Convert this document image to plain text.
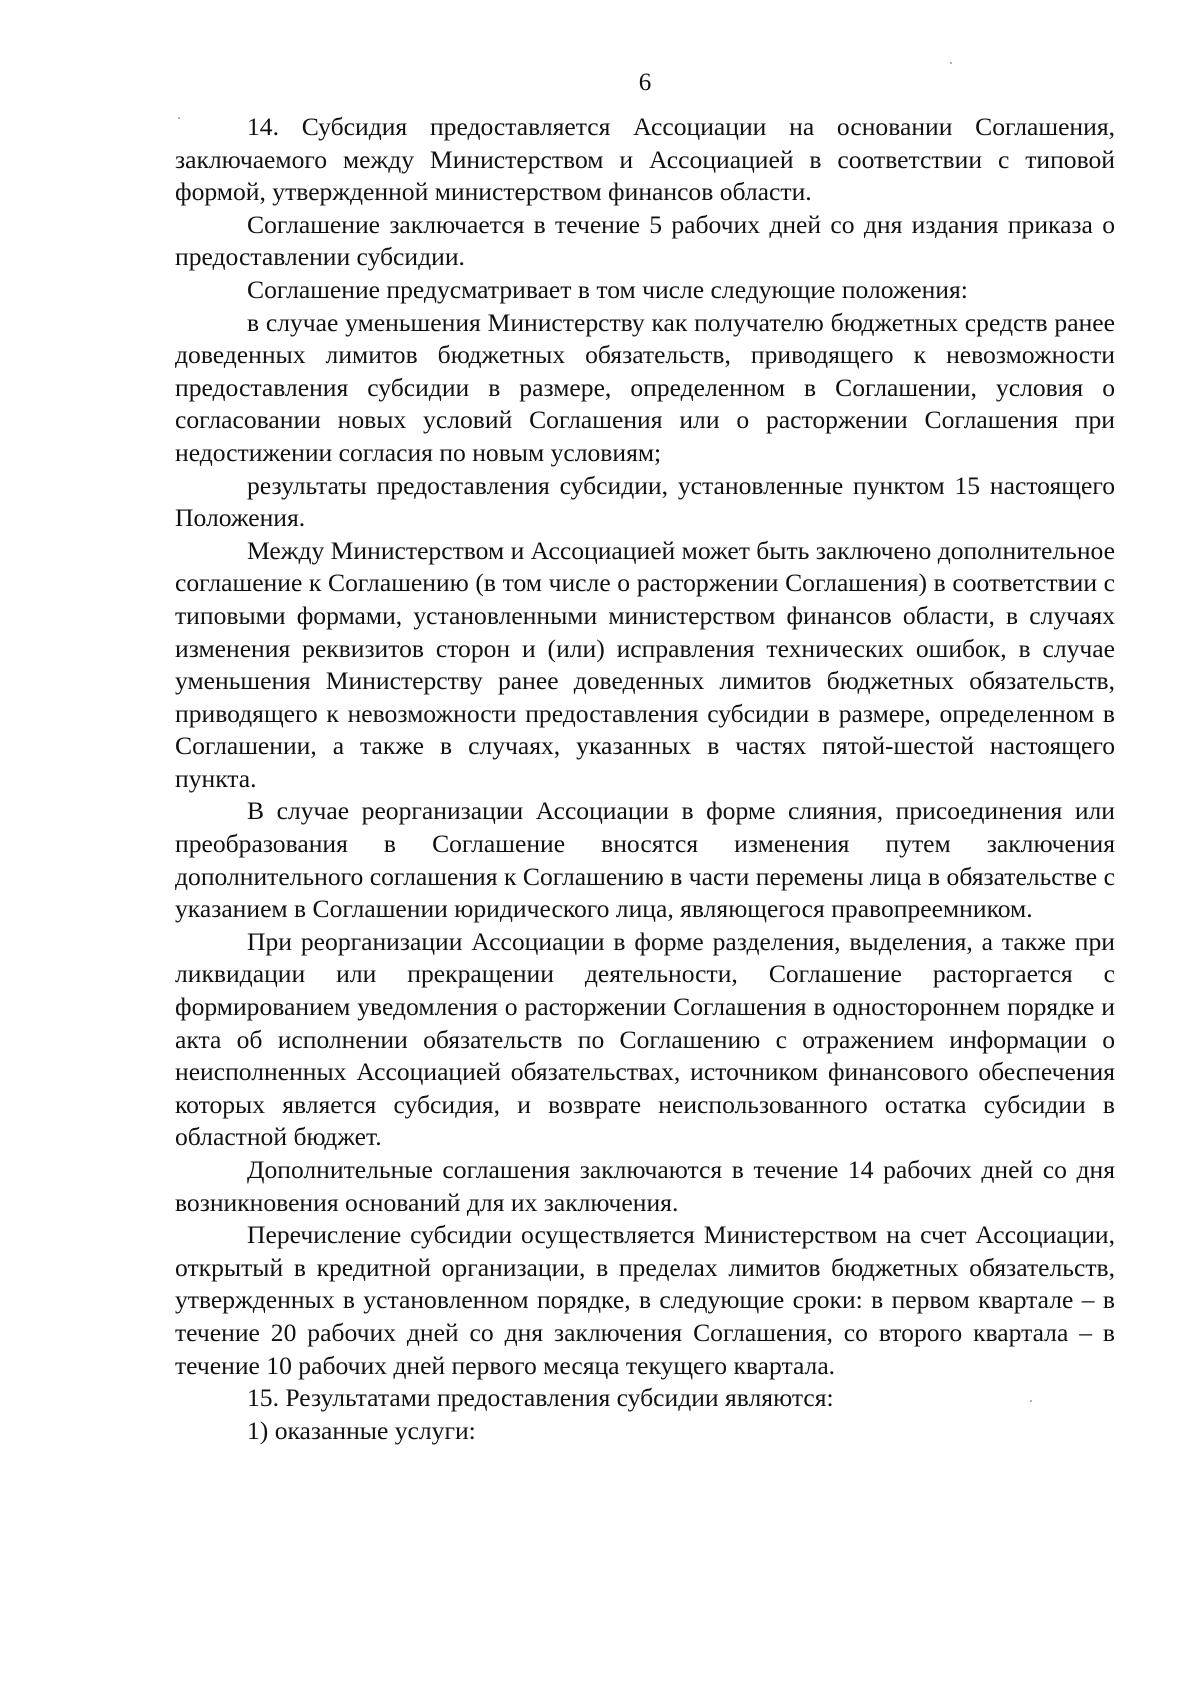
6

14. Субсидия предоставляется Ассоциации на основании Соглашения, заключаемого между Министерством и Ассоциацией в соответствии с типовой формой, утвержденной министерством финансов области.

Соглашение заключается в течение 5 рабочих дней со дня издания приказа о предоставлении субсидии.

Соглашение предусматривает в том числе следующие положения:

в случае уменьшения Министерству как получателю бюджетных средств ранее доведенных лимитов бюджетных обязательств, приводящего к невозможности предоставления субсидии в размере, определенном в Соглашении, условия о согласовании новых условий Соглашения или о расторжении Соглашения при недостижении согласия по новым условиям;

результаты предоставления субсидии, установленные пунктом 15 настоящего Положения.

Между Министерством и Ассоциацией может быть заключено дополнительное соглашение к Соглашению (в том числе о расторжении Соглашения) в соответствии с типовыми формами, установленными министерством финансов области, в случаях изменения реквизитов сторон и (или) исправления технических ошибок, в случае уменьшения Министерству ранее доведенных лимитов бюджетных обязательств, приводящего к невозможности предоставления субсидии в размере, определенном в Соглашении, а также в случаях, указанных в частях пятой-шестой настоящего пункта.

В случае реорганизации Ассоциации в форме слияния, присоединения или преобразования в Соглашение вносятся изменения путем заключения дополнительного соглашения к Соглашению в части перемены лица в обязательстве с указанием в Соглашении юридического лица, являющегося правопреемником.

При реорганизации Ассоциации в форме разделения, выделения, а также при ликвидации или прекращении деятельности, Соглашение расторгается с формированием уведомления о расторжении Соглашения в одностороннем порядке и акта об исполнении обязательств по Соглашению с отражением информации о неисполненных Ассоциацией обязательствах, источником финансового обеспечения которых является субсидия, и возврате неиспользованного остатка субсидии в областной бюджет.

Дополнительные соглашения заключаются в течение 14 рабочих дней со дня возникновения оснований для их заключения.

Перечисление субсидии осуществляется Министерством на счет Ассоциации, открытый в кредитной организации, в пределах лимитов бюджетных обязательств, утвержденных в установленном порядке, в следующие сроки: в первом квартале – в течение 20 рабочих дней со дня заключения Соглашения, со второго квартала – в течение 10 рабочих дней первого месяца текущего квартала.

15. Результатами предоставления субсидии являются:

1) оказанные услуги:
